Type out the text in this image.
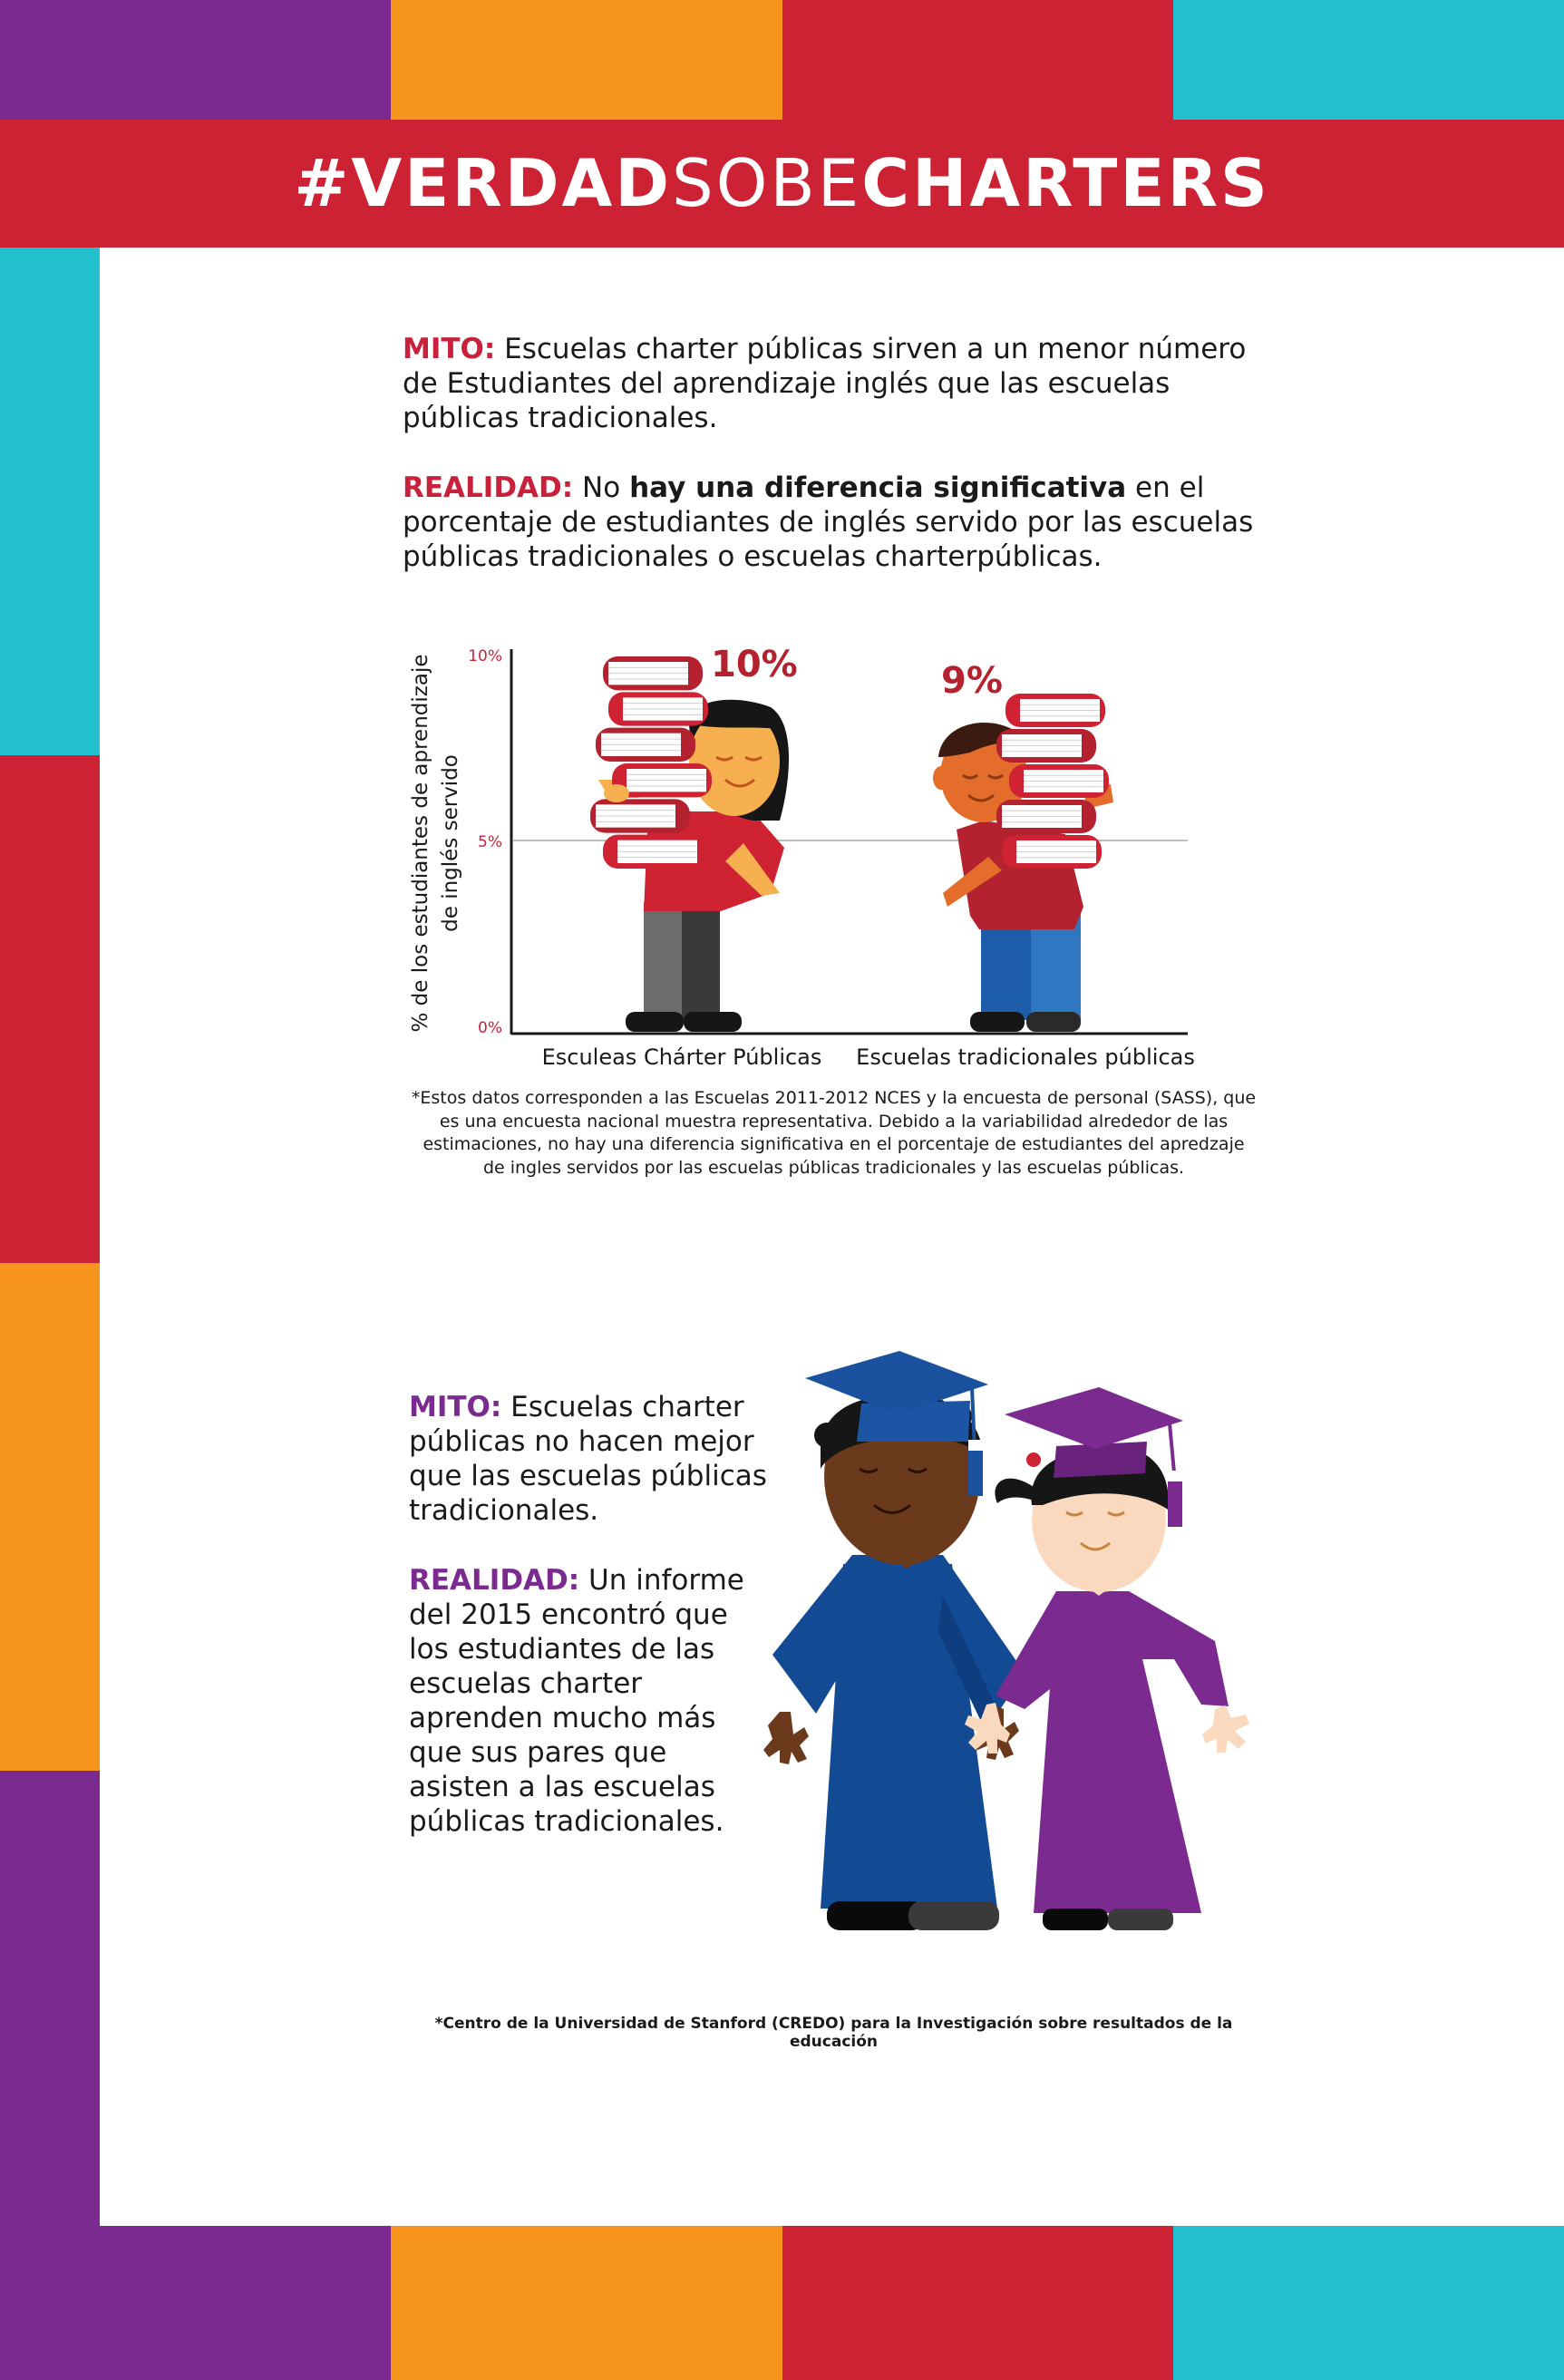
#VERDADSOBECHARTERS
MITO: Escuelas charter públicas sirven a un menor número de Estudiantes del aprendizaje inglés que las escuelas públicas tradicionales.
REALIDAD: No hay una diferencia significativa en el porcentaje de estudiantes de inglés servido por las escuelas públicas tradicionales o escuelas charterpúblicas.
% de los estudiantes de aprendizaje de inglés servido
0%
5%
10%	10%	9%
Esculeas Chárter Públicas Escuelas tradicionales públicas
*Estos datos corresponden a las Escuelas 2011-2012 NCES y la encuesta de personal (SASS), que es una encuesta nacional muestra representativa. Debido a la variabilidad alrededor de las estimaciones, no hay una diferencia significativa en el porcentaje de estudiantes del apredzaje de ingles servidos por las escuelas públicas tradicionales y las escuelas públicas.
MITO: Escuelas charter públicas no hacen mejor que las escuelas públicas tradicionales.
REALIDAD: Un informe del 2015 encontró que los estudiantes de las escuelas charter aprenden mucho más que sus pares que asisten a las escuelas públicas tradicionales.
*Centro de la Universidad de Stanford (CREDO) para la Investigación sobre resultados de la educación
